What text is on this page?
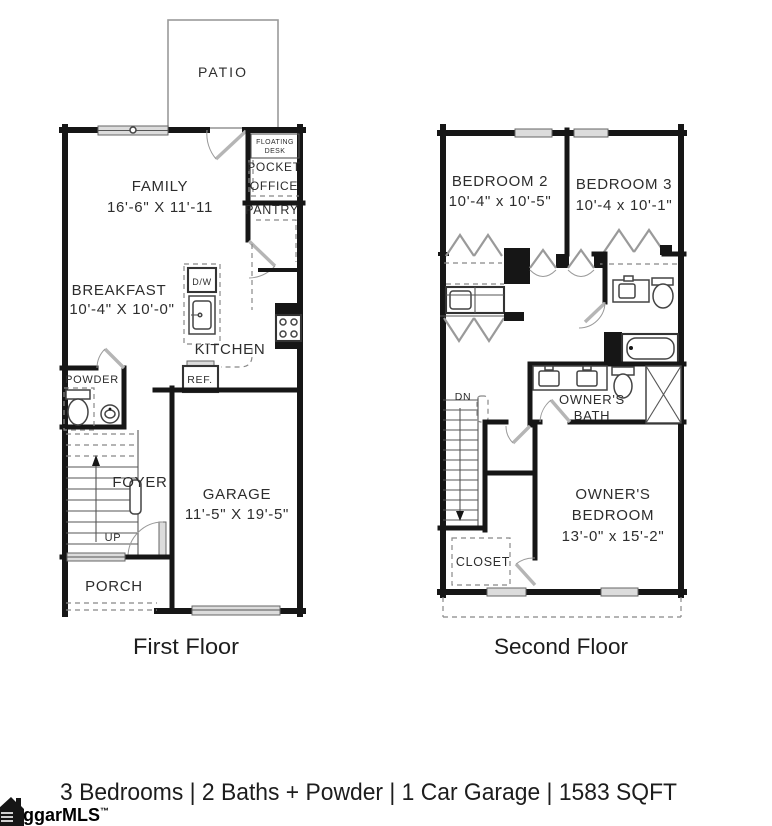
PATIO
FLOATING
DESK
POCKET
OFFICE
PANTRY
FAMILY
16'-6" X 11'-11
BREAKFAST
10'-4" X 10'-0"
D/W
KITCHEN
REF.
POWDER
UP
FOYER
GARAGE
11'-5" X 19'-5"
PORCH
First Floor
BEDROOM 2
10'-4" x 10'-5"
BEDROOM 3
10'-4 x 10'-1"
OWNER'S
BATH
DN
CLOSET
OWNER'S
BEDROOM
13'-0" x 15'-2"
Second Floor
3 Bedrooms | 2 Baths + Powder | 1 Car Garage | 1583 SQFT
ggarMLS™
